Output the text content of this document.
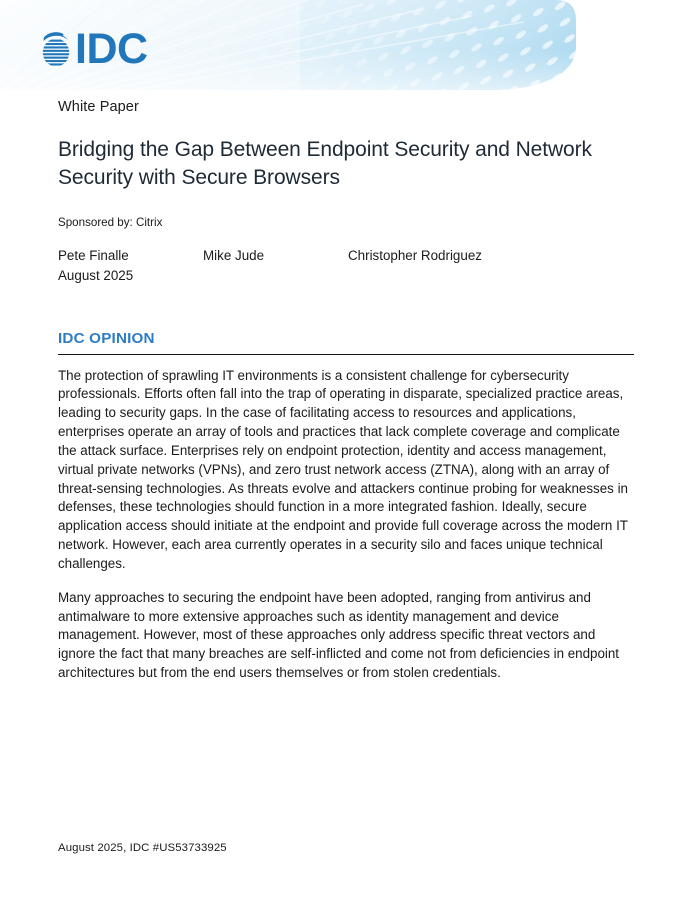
IDC
White Paper
Bridging the Gap Between Endpoint Security and Network Security with Secure Browsers
Sponsored by: Citrix
Pete Finalle
August 2025
Mike Jude	Christopher Rodriguez
IDC OPINION

The protection of sprawling IT environments is a consistent challenge for cybersecurity professionals. Efforts often fall into the trap of operating in disparate, specialized practice areas, leading to security gaps. In the case of facilitating access to resources and applications, enterprises operate an array of tools and practices that lack complete coverage and complicate the attack surface. Enterprises rely on endpoint protection, identity and access management, virtual private networks (VPNs), and zero trust network access (ZTNA), along with an array of threat-sensing technologies. As threats evolve and attackers continue probing for weaknesses in defenses, these technologies should function in a more integrated fashion. Ideally, secure application access should initiate at the endpoint and provide full coverage across the modern IT network. However, each area currently operates in a security silo and faces unique technical challenges.

Many approaches to securing the endpoint have been adopted, ranging from antivirus and antimalware to more extensive approaches such as identity management and device management. However, most of these approaches only address specific threat vectors and ignore the fact that many breaches are self-inflicted and come not from deficiencies in endpoint architectures but from the end users themselves or from stolen credentials.

August 2025, IDC #US53733925
